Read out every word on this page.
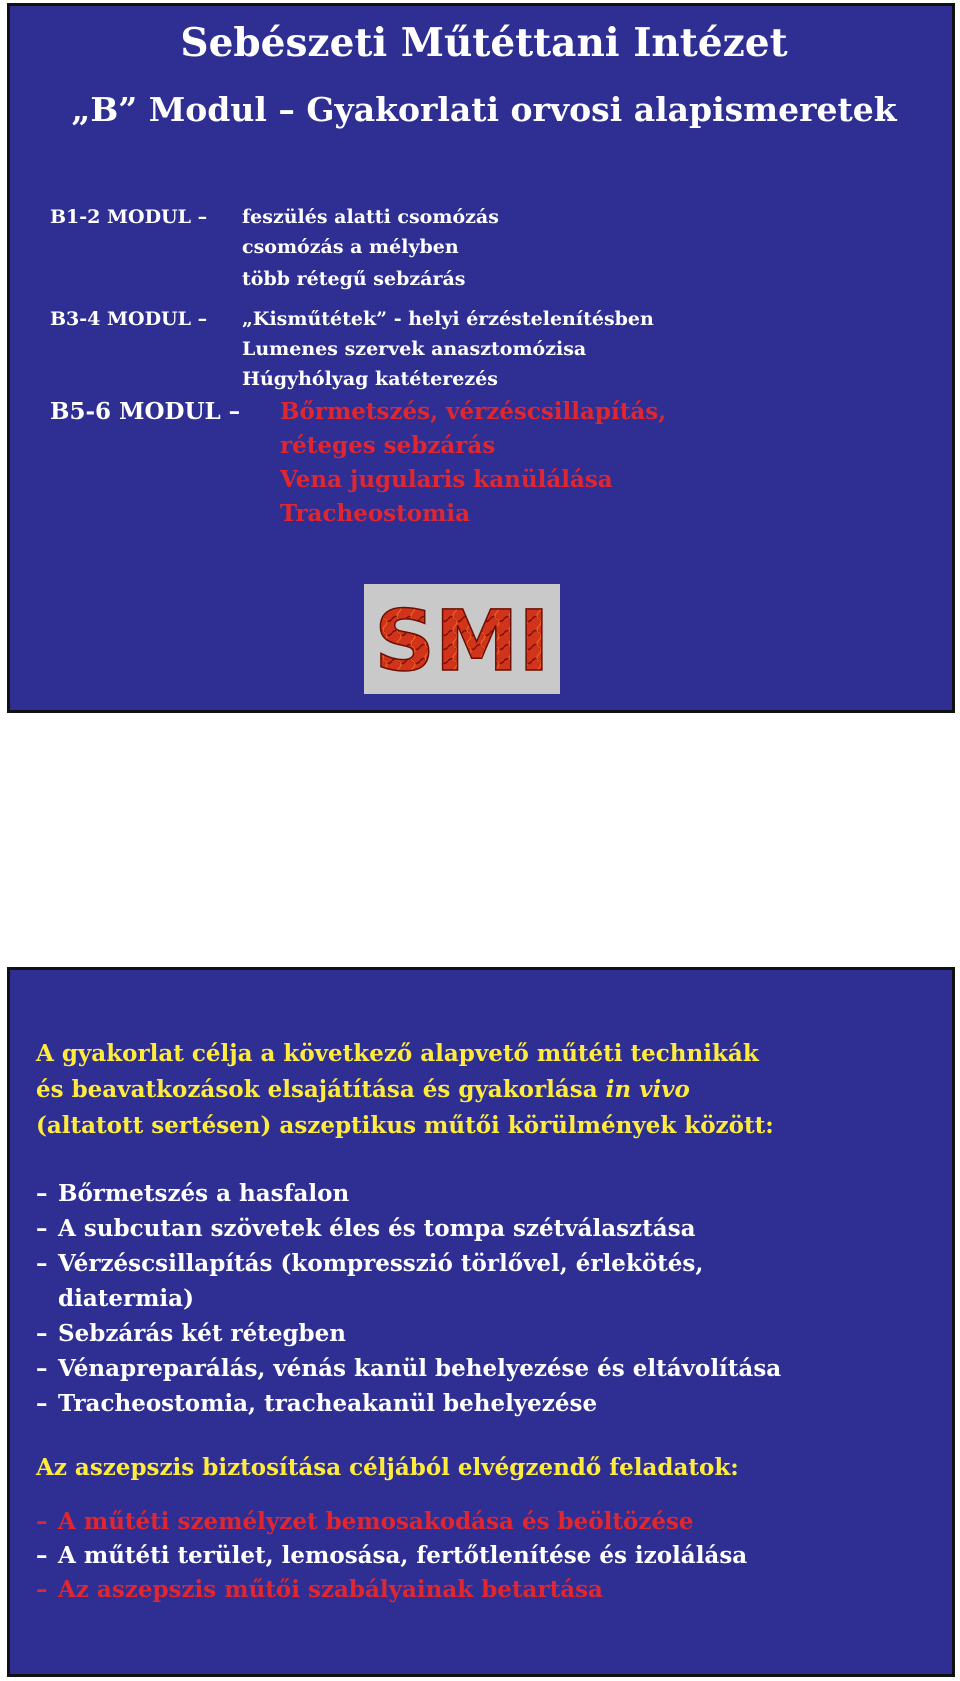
Sebészeti Műtéttani Intézet
„B” Modul – Gyakorlati orvosi alapismeretek
B1-2 MODUL – feszülés alatti csomózás
csomózás a mélyben
több rétegű sebzárás
B3-4 MODUL – „Kisműtétek” - helyi érzéstelenítésben
Lumenes szervek anasztomózisa
Húgyhólyag katéterezés
B5-6 MODUL – Bőrmetszés, vérzéscsillapítás,
réteges sebzárás
Vena jugularis kanülálása
Tracheostomia
SMI
A gyakorlat célja a következő alapvető műtéti technikák
és beavatkozások elsajátítása és gyakorlása in vivo
(altatott sertésen) aszeptikus műtői körülmények között:
– Bőrmetszés a hasfalon
– A subcutan szövetek éles és tompa szétválasztása
– Vérzéscsillapítás (kompresszió törlővel, érlekötés,
diatermia)
– Sebzárás két rétegben
– Vénapreparálás, vénás kanül behelyezése és eltávolítása
– Tracheostomia, tracheakanül behelyezése
Az aszepszis biztosítása céljából elvégzendő feladatok:
– A műtéti személyzet bemosakodása és beöltözése
– A műtéti terület, lemosása, fertőtlenítése és izolálása
– Az aszepszis műtői szabályainak betartása
